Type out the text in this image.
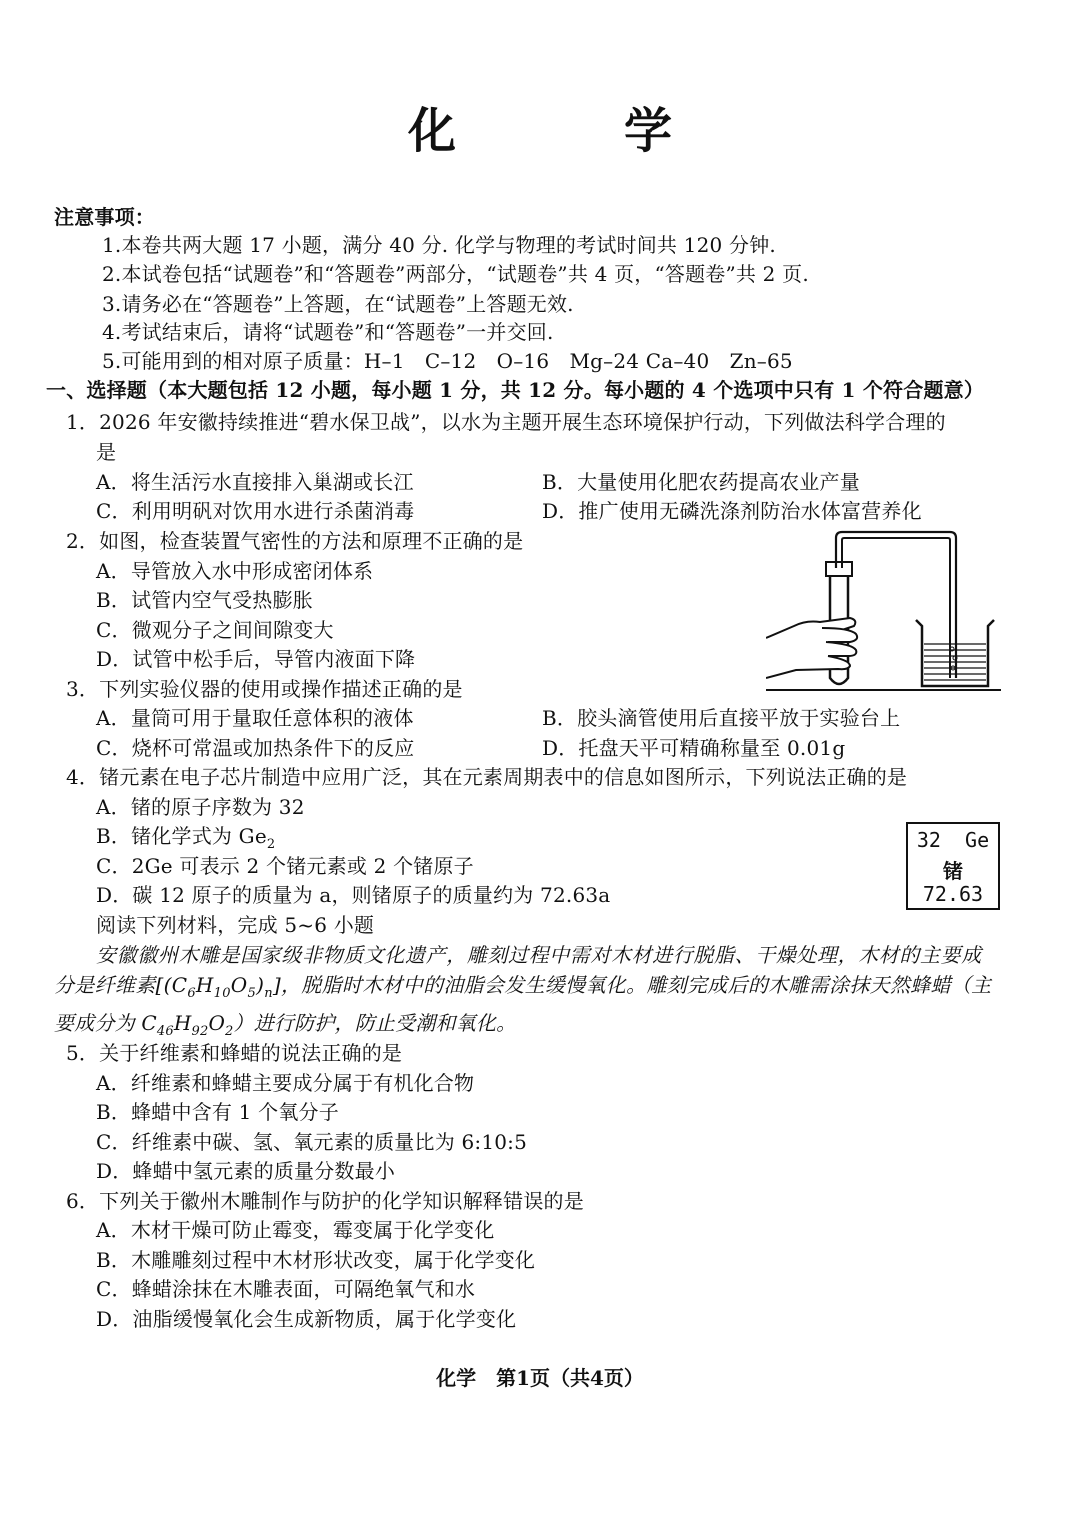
化　学
注意事项：
1.本卷共两大题 17 小题，满分 40 分. 化学与物理的考试时间共 120 分钟.
2.本试卷包括“试题卷”和“答题卷”两部分，“试题卷”共 4 页，“答题卷”共 2 页.
3.请务必在“答题卷”上答题，在“试题卷”上答题无效.
4.考试结束后，请将“试题卷”和“答题卷”一并交回.
5.可能用到的相对原子质量：H–1　C–12　O–16　Mg–24 Ca–40　Zn–65
一、选择题（本大题包括 12 小题，每小题 1 分，共 12 分。每小题的 4 个选项中只有 1 个符合题意）
1．2026 年安徽持续推进“碧水保卫战”，以水为主题开展生态环境保护行动，下列做法科学合理的
是
A．将生活污水直接排入巢湖或长江	B．大量使用化肥农药提高农业产量
C．利用明矾对饮用水进行杀菌消毒	D．推广使用无磷洗涤剂防治水体富营养化
2．如图，检查装置气密性的方法和原理不正确的是
A．导管放入水中形成密闭体系
B．试管内空气受热膨胀
C．微观分子之间间隙变大
D．试管中松手后，导管内液面下降
3．下列实验仪器的使用或操作描述正确的是
A．量筒可用于量取任意体积的液体	B．胶头滴管使用后直接平放于实验台上
C．烧杯可常温或加热条件下的反应	D．托盘天平可精确称量至 0.01g
4．锗元素在电子芯片制造中应用广泛，其在元素周期表中的信息如图所示，下列说法正确的是
A．锗的原子序数为 32
B．锗化学式为 $Ge_2$
C．2Ge 可表示 2 个锗元素或 2 个锗原子
D．碳 12 原子的质量为 a，则锗原子的质量约为 72.63a
32 Ge
锗
72.63
阅读下列材料，完成 5~6 小题
安徽徽州木雕是国家级非物质文化遗产，雕刻过程中需对木材进行脱脂、干燥处理，木材的主要成
分是纤维素$[(C_6H_{10}O_5)_n]$，脱脂时木材中的油脂会发生缓慢氧化。雕刻完成后的木雕需涂抹天然蜂蜡（主
要成分为 $C_{46}H_{92}O_2$）进行防护，防止受潮和氧化。
5．关于纤维素和蜂蜡的说法正确的是
A．纤维素和蜂蜡主要成分属于有机化合物
B．蜂蜡中含有 1 个氧分子
C．纤维素中碳、氢、氧元素的质量比为 6:10:5
D．蜂蜡中氢元素的质量分数最小
6．下列关于徽州木雕制作与防护的化学知识解释错误的是
A．木材干燥可防止霉变，霉变属于化学变化
B．木雕雕刻过程中木材形状改变，属于化学变化
C．蜂蜡涂抹在木雕表面，可隔绝氧气和水
D．油脂缓慢氧化会生成新物质，属于化学变化
化学　第1页（共4页）
